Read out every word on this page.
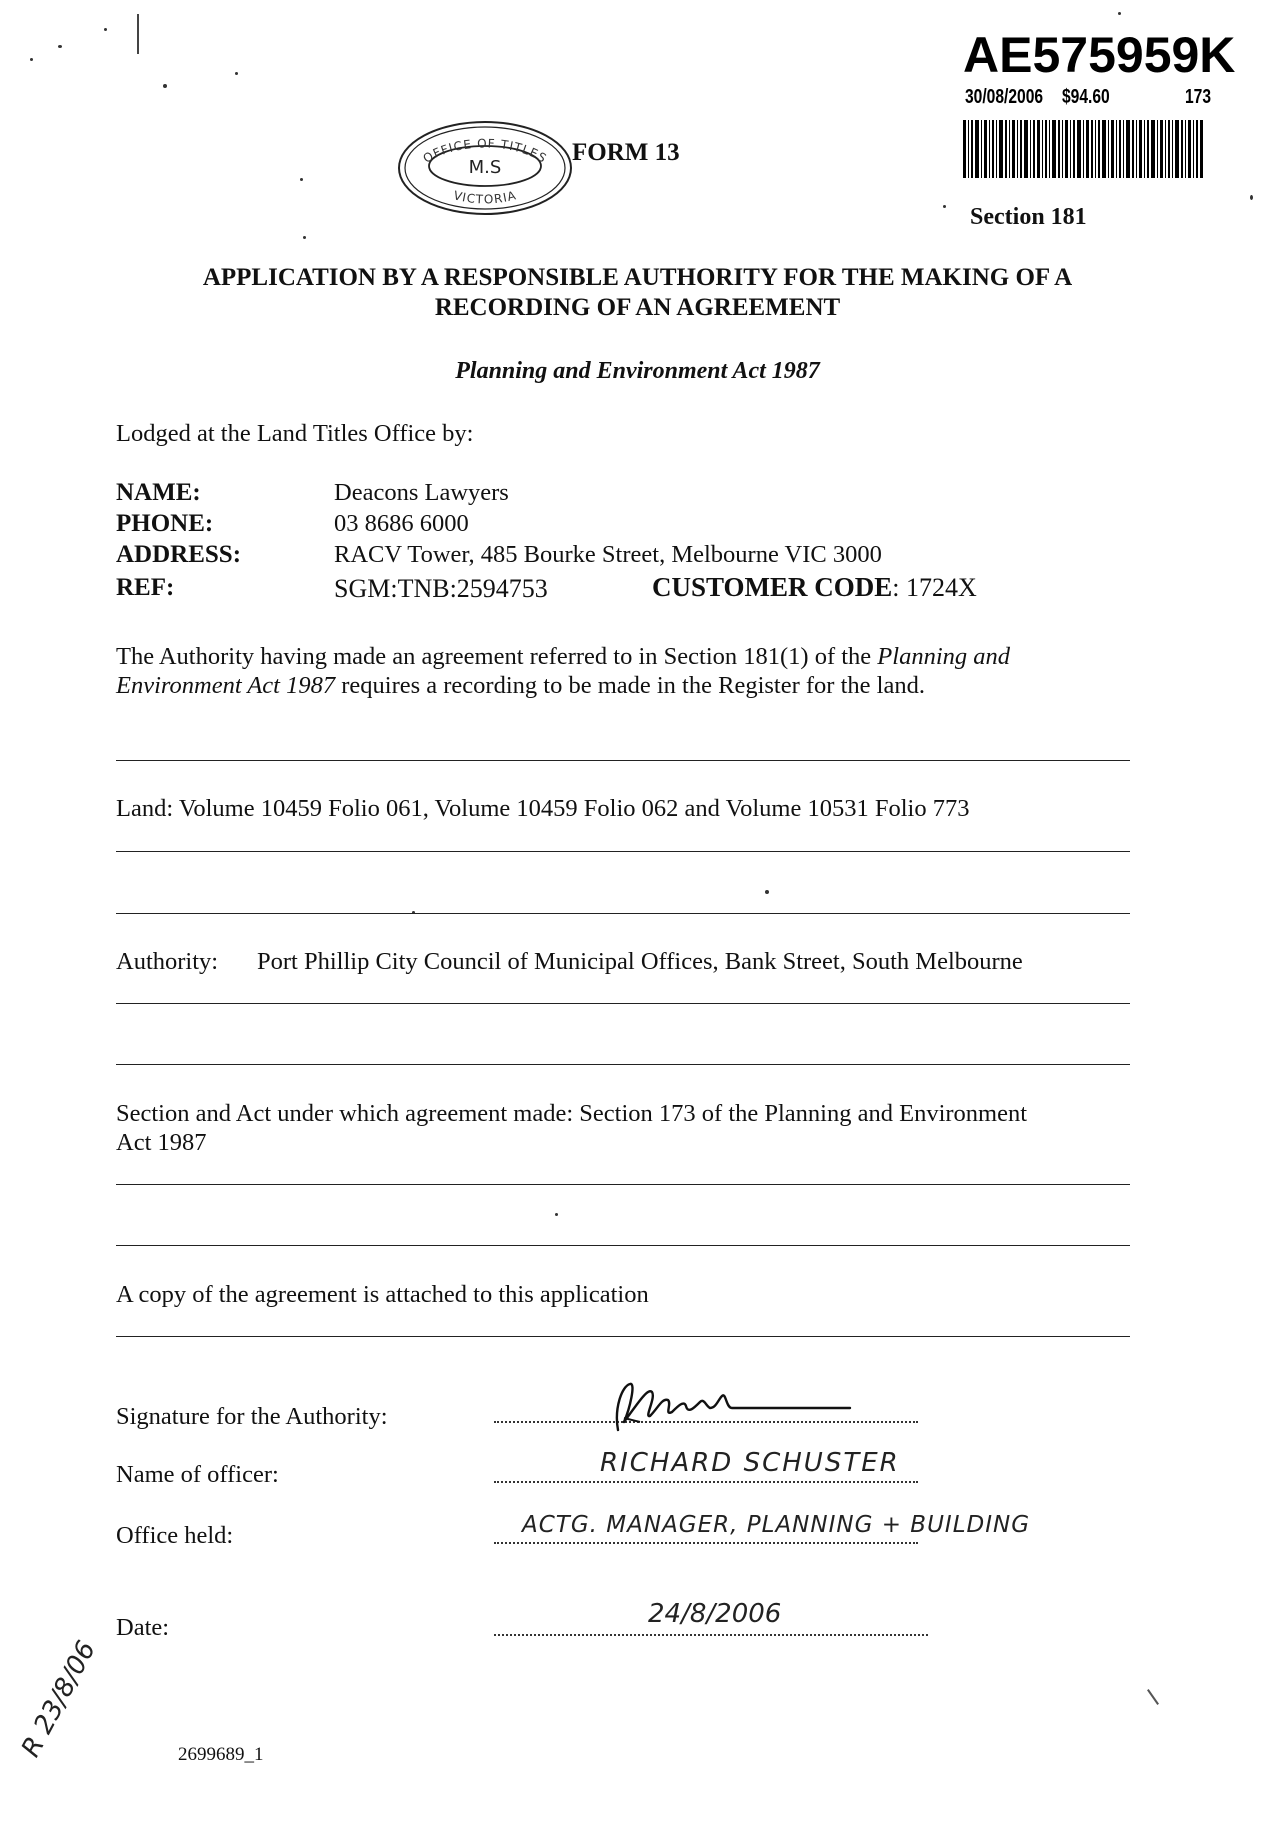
AE575959K
30/08/2006 $94.60	173
OFFICE OF TITLES
M.S
VICTORIA
FORM 13
Section 181
APPLICATION BY A RESPONSIBLE AUTHORITY FOR THE MAKING OF A
RECORDING OF AN AGREEMENT
Planning and Environment Act 1987
Lodged at the Land Titles Office by:
NAME:	Deacons Lawyers
PHONE:	03 8686 6000
ADDRESS:	RACV Tower, 485 Bourke Street, Melbourne VIC 3000
REF:	SGM:TNB:2594753	CUSTOMER CODE: 1724X
The Authority having made an agreement referred to in Section 181(1) of the Planning and
Environment Act 1987 requires a recording to be made in the Register for the land.
Land: Volume 10459 Folio 061, Volume 10459 Folio 062 and Volume 10531 Folio 773
Authority: Port Phillip City Council of Municipal Offices, Bank Street, South Melbourne
Section and Act under which agreement made: Section 173 of the Planning and Environment
Act 1987
A copy of the agreement is attached to this application
Signature for the Authority:
Name of officer:	RICHARD SCHUSTER
Office held:	ACTG. MANAGER, PLANNING + BUILDING
Date:	24/8/2006
R 23/8/06	2699689_1
